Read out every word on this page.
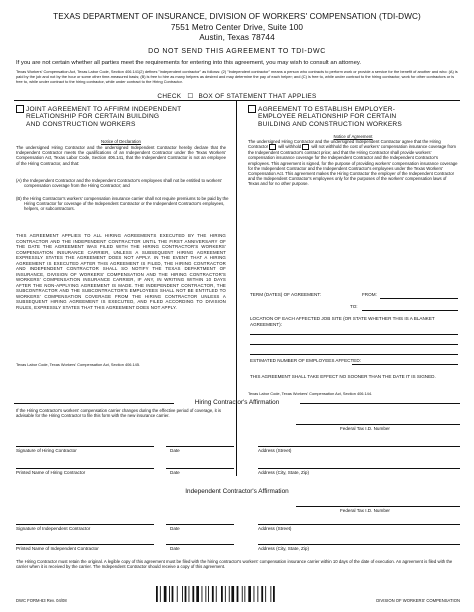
TEXAS DEPARTMENT OF INSURANCE, DIVISION OF WORKERS' COMPENSATION (TDI-DWC)
7551 Metro Center Drive, Suite 100
Austin, Texas 78744
DO NOT SEND THIS AGREEMENT TO TDI-DWC
If you are not certain whether all parties meet the requirements for entering into this agreement, you may wish to consult an attorney.
Texas Workers' Compensation Act, Texas Labor Code, Section 406.141(2) defines "independent contractor" as follows: (2) "Independent contractor" means a person who contracts to perform work or provide a service for the benefit of another and who: (A) is paid by the job and not by the hour or some other time-measured basis; (B) is free to hire as many helpers as desired and may determine the pay of each helper; and (C) is free to, while under contract to the hiring contractor, work for other contractors or is free to, while under contract to the hiring contractor, while under contract to the Hiring Contractor.
CHECK ☐ BOX OF STATEMENT THAT APPLIES
JOINT AGREEMENT TO AFFIRM INDEPENDENT
RELATIONSHIP FOR CERTAIN BUILDING
AND CONSTRUCTION WORKERS
Notice of Declaration
The undersigned Hiring Contractor and the undersigned Independent Contractor hereby declare that the Independent Contractor meets the qualifications of an Independent Contractor under the Texas Workers' Compensation Act, Texas Labor Code, Section 406.141, that the Independent Contractor is not an employee of the Hiring Contractor, and that:
(A) the Independent Contractor and the Independent Contractor's employees shall not be entitled to workers' compensation coverage from the Hiring Contractor; and
(B) the Hiring Contractor's workers' compensation insurance carrier shall not require premiums to be paid by the Hiring Contractor for coverage of the Independent Contractor or the Independent Contractor's employees, helpers, or subcontractors.
THIS AGREEMENT APPLIES TO ALL HIRING AGREEMENTS EXECUTED BY THE HIRING CONTRACTOR AND THE INDEPENDENT CONTRACTOR UNTIL THE FIRST ANNIVERSARY OF THE DATE THE AGREEMENT WAS FILED WITH THE HIRING CONTRACTOR'S WORKERS' COMPENSATION INSURANCE CARRIER, UNLESS A SUBSEQUENT HIRING AGREEMENT EXPRESSLY STATES THE AGREEMENT DOES NOT APPLY. IN THE EVENT THAT A HIRING AGREEMENT IS EXECUTED AFTER THIS AGREEMENT IS FILED, THE HIRING CONTRACTOR AND INDEPENDENT CONTRACTOR SHALL SO NOTIFY THE TEXAS DEPARTMENT OF INSURANCE, DIVISION OF WORKERS' COMPENSATION AND THE HIRING CONTRACTOR'S WORKERS' COMPENSATION INSURANCE CARRIER, IF ANY, IN WRITING WITHIN 10 DAYS AFTER THE NON-APPLYING AGREEMENT IS MADE. THE INDEPENDENT CONTRACTOR, THE SUBCONTRACTOR AND THE SUBCONTRACTOR'S EMPLOYEES SHALL NOT BE ENTITLED TO WORKERS' COMPENSATION COVERAGE FROM THE HIRING CONTRACTOR UNLESS A SUBSEQUENT HIRING AGREEMENT IS EXECUTED, AND FILED ACCORDING TO DIVISION RULES, EXPRESSLY STATES THAT THIS AGREEMENT DOES NOT APPLY.
Texas Labor Code, Texas Workers' Compensation Act, Section 406.145.
AGREEMENT TO ESTABLISH EMPLOYER-
EMPLOYEE RELATIONSHIP FOR CERTAIN
BUILDING AND CONSTRUCTION WORKERS
Notice of Agreement
The undersigned Hiring Contractor and the undersigned Independent Contractor agree that the Hiring Contractor will withhold will not withhold the cost of workers' compensation insurance coverage from the Independent Contractor's contract price; and that the Hiring Contractor shall provide workers' compensation insurance coverage for the Independent Contractor and the Independent Contractor's employees. This agreement is signed, for the purpose of providing workers' compensation insurance coverage for the Independent Contractor and the Independent Contractor's employees under the Texas Workers' Compensation Act. This agreement makes the Hiring Contractor the employer of the Independent Contractor and the Independent Contractor's employees only for the purposes of the workers' compensation laws of Texas and for no other purpose.
TERM (DATES) OF AGREEMENT:	FROM:
TO:
LOCATION OF EACH AFFECTED JOB SITE (OR STATE WHETHER THIS IS A BLANKET AGREEMENT):
ESTIMATED NUMBER OF EMPLOYEES AFFECTED:
THIS AGREEMENT SHALL TAKE EFFECT NO SOONER THAN THE DATE IT IS SIGNED.
Texas Labor Code, Texas Workers' Compensation Act, Section 406.144.
Hiring Contractor's Affirmation
If the Hiring Contractor's workers' compensation carrier changes during the effective period of coverage, it is advisable for the Hiring Contractor to file this form with the new insurance carrier.
Federal Tax I.D. Number
Signature of Hiring Contractor	Date	Address (Street)
Printed Name of Hiring Contractor	Date	Address (City, State, Zip)
Independent Contractor's Affirmation
Federal Tax I.D. Number
Signature of Independent Contractor	Date	Address (Street)
Printed Name of Independent Contractor	Date	Address (City, State, Zip)
The Hiring Contractor must retain the original. A legible copy of this agreement must be filed with the hiring contractor's workers' compensation insurance carrier within 10 days of the date of execution. An agreement is filed with the carrier when it is received by the carrier. The Independent Contractor should receive a copy of this agreement.
DWC FORM-83 Rev. 04/08	DIVISION OF WORKERS' COMPENSATION
